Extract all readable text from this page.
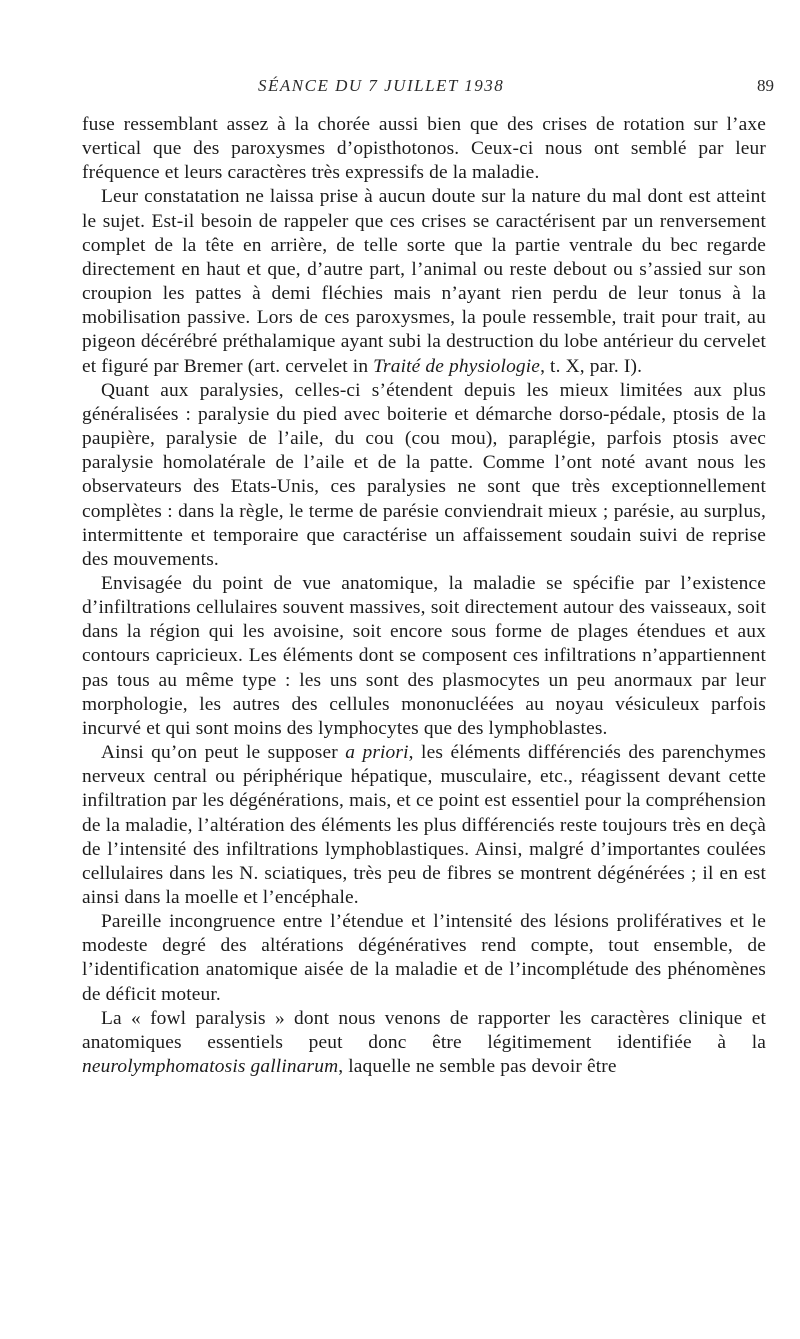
SÉANCE DU 7 JUILLET 1938	89

fuse ressemblant assez à la chorée aussi bien que des crises de rotation sur l’axe vertical que des paroxysmes d’opisthotonos. Ceux-ci nous ont semblé par leur fréquence et leurs caractères très expressifs de la maladie.

Leur constatation ne laissa prise à aucun doute sur la nature du mal dont est atteint le sujet. Est-il besoin de rappeler que ces crises se caractérisent par un renversement complet de la tête en arrière, de telle sorte que la partie ventrale du bec regarde directement en haut et que, d’autre part, l’animal ou reste debout ou s’assied sur son croupion les pattes à demi fléchies mais n’ayant rien perdu de leur tonus à la mobilisation passive. Lors de ces paroxysmes, la poule ressemble, trait pour trait, au pigeon décérébré préthalamique ayant subi la destruction du lobe antérieur du cervelet et figuré par Bremer (art. cervelet in Traité de physiologie, t. X, par. I).

Quant aux paralysies, celles-ci s’étendent depuis les mieux limitées aux plus généralisées : paralysie du pied avec boiterie et démarche dorso-pédale, ptosis de la paupière, paralysie de l’aile, du cou (cou mou), paraplégie, parfois ptosis avec paralysie homolatérale de l’aile et de la patte. Comme l’ont noté avant nous les observateurs des Etats-Unis, ces paralysies ne sont que très exceptionnellement complètes : dans la règle, le terme de parésie conviendrait mieux ; parésie, au surplus, intermittente et temporaire que caractérise un affaissement soudain suivi de reprise des mouvements.

Envisagée du point de vue anatomique, la maladie se spécifie par l’existence d’infiltrations cellulaires souvent massives, soit directement autour des vaisseaux, soit dans la région qui les avoisine, soit encore sous forme de plages étendues et aux contours capricieux. Les éléments dont se composent ces infiltrations n’appartiennent pas tous au même type : les uns sont des plasmocytes un peu anormaux par leur morphologie, les autres des cellules mononucléées au noyau vésiculeux parfois incurvé et qui sont moins des lymphocytes que des lymphoblastes.

Ainsi qu’on peut le supposer a priori, les éléments différenciés des parenchymes nerveux central ou périphérique hépatique, musculaire, etc., réagissent devant cette infiltration par les dégénérations, mais, et ce point est essentiel pour la compréhension de la maladie, l’altération des éléments les plus différenciés reste toujours très en deçà de l’intensité des infiltrations lymphoblastiques. Ainsi, malgré d’importantes coulées cellulaires dans les N. sciatiques, très peu de fibres se montrent dégénérées ; il en est ainsi dans la moelle et l’encéphale.

Pareille incongruence entre l’étendue et l’intensité des lésions prolifératives et le modeste degré des altérations dégénératives rend compte, tout ensemble, de l’identification anatomique aisée de la maladie et de l’incomplétude des phénomènes de déficit moteur.

La « fowl paralysis » dont nous venons de rapporter les caractères clinique et anatomiques essentiels peut donc être légitimement identifiée à la neurolymphomatosis gallinarum, laquelle ne semble pas devoir être
